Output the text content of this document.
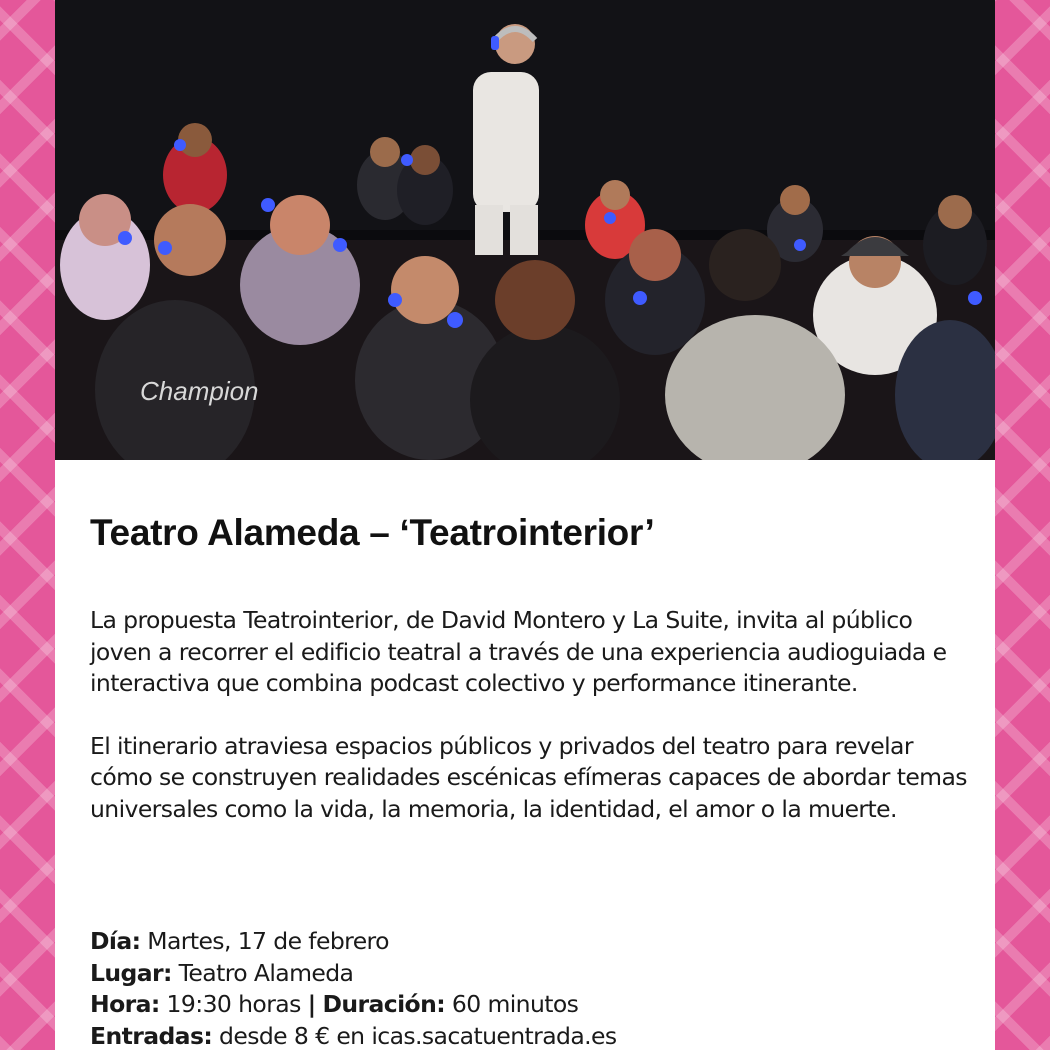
Champion
Teatro Alameda – ‘Teatrointerior’

La propuesta Teatrointerior, de David Montero y La Suite, invita al público joven a recorrer el edificio teatral a través de una experiencia audioguiada e interactiva que combina podcast colectivo y performance itinerante.

El itinerario atraviesa espacios públicos y privados del teatro para revelar cómo se construyen realidades escénicas efímeras capaces de abordar temas universales como la vida, la memoria, la identidad, el amor o la muerte.

Día: Martes, 17 de febrero
Lugar: Teatro Alameda
Hora: 19:30 horas | Duración: 60 minutos
Entradas: desde 8 € en icas.sacatuentrada.es
